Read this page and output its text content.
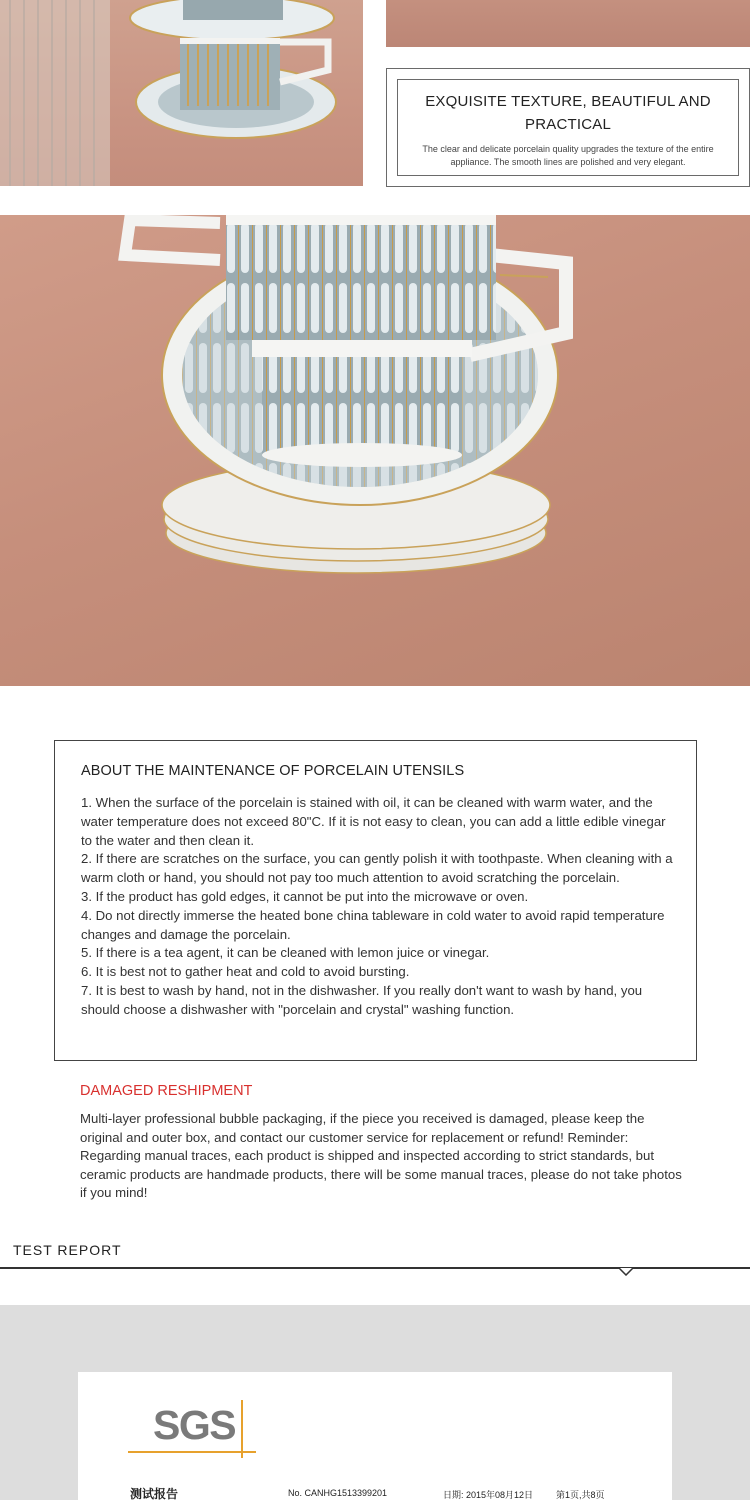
EXQUISITE TEXTURE, BEAUTIFUL AND PRACTICAL
The clear and delicate porcelain quality upgrades the texture of the entire appliance. The smooth lines are polished and very elegant.
ABOUT THE MAINTENANCE OF PORCELAIN UTENSILS
1. When the surface of the porcelain is stained with oil, it can be cleaned with warm water, and the water temperature does not exceed 80"C. If it is not easy to clean, you can add a little edible vinegar to the water and then clean it.
2. If there are scratches on the surface, you can gently polish it with toothpaste. When cleaning with a warm cloth or hand, you should not pay too much attention to avoid scratching the porcelain.
3. If the product has gold edges, it cannot be put into the microwave or oven.
4. Do not directly immerse the heated bone china tableware in cold water to avoid rapid temperature changes and damage the porcelain.
5. If there is a tea agent, it can be cleaned with lemon juice or vinegar.
6. It is best not to gather heat and cold to avoid bursting.
7. It is best to wash by hand, not in the dishwasher. If you really don't want to wash by hand, you should choose a dishwasher with "porcelain and crystal" washing function.
DAMAGED RESHIPMENT
Multi-layer professional bubble packaging, if the piece you received is damaged, please keep the original and outer box, and contact our customer service for replacement or refund! Reminder: Regarding manual traces, each product is shipped and inspected according to strict standards, but ceramic products are handmade products, there will be some manual traces, please do not take photos if you mind!
TEST REPORT
SGS
测试报告	No. CANHG1513399201	日期: 2015年08月12日	第1页,共8页
